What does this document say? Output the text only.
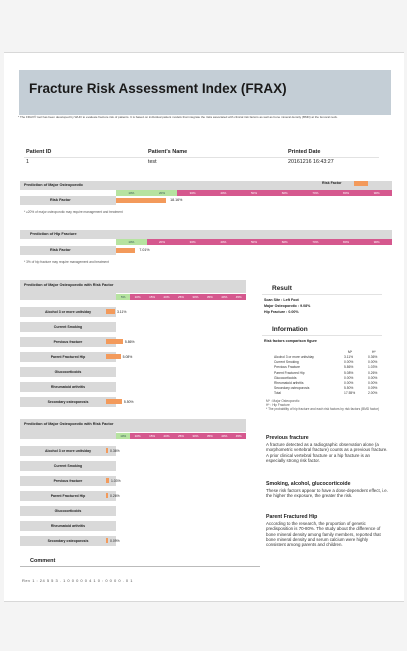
Fracture Risk Assessment Index (FRAX)
* The FRAX® tool has been developed by WHO to evaluate fracture risk of patients. It is based on individual patient models that integrate the risks associated with clinical risk factors as well as bone mineral density (BMD) at the femoral neck.
Patient ID
1
Patient's Name
test
Printed Date
20161216 16:43:27
Prediction of Major Osteoporotic	Risk Factor
10%	20%	30%	40%	50%	60%	70%	80%	90%
Risk Factor	18.16%
* ≥20% of major osteoporotic may require management and treatment
Prediction of Hip Fracture
10%	20%	30%	40%	50%	60%	70%	80%	90%
Risk Factor	7.01%
* 3% of hip fracture may require management and treatment
Prediction of Major Osteoporotic with Risk Factor
5%	10%	15%	20%	25%	30%	35%	40%	45%
Alcohol 3 or more units/day	3.11%
Current Smoking
Previous fracture	5.86%
Parent Fractured Hip	5.08%
Glucocorticoids
Rheumatoid arthritis
Secondary osteoporosis	5.50%
Prediction of Major Osteoporotic with Risk Factor
10%	10%	15%	20%	25%	30%	35%	40%	45%
Alcohol 3 or more units/day	0.36%
Current Smoking
Previous fracture	1.03%
Parent Fractured Hip	0.26%
Glucocorticoids
Rheumatoid arthritis
Secondary osteoporosis	0.09%
Result
Scan Site : Left Foot
Major Osteoporotic : 9.08%
Hip Fracture : 0.00%
Information
Risk factors comparison figure
M*	H*
Alcohol 3 or more units/day	3.11%	0.36%
Current Smoking	0.00%	0.00%
Previous Fracture	5.86%	1.03%
Parent Fractured Hip	5.08%	0.26%
Glucocorticoids	0.00%	0.00%
Rheumatoid arthritis	0.00%	0.00%
Secondary osteoporosis	5.50%	0.09%
Total	17.55%	2.00%
M* : Major Osteoporotic
H* : Hip Fracture
* The probability of hip fracture and each risk factors by risk factors (BMD factor)
Previous fracture
A fracture detected as a radiographic observation alone (a morphometric vertebral fracture) counts as a previous fracture. A prior clinical vertebral fracture or a hip fracture is an especially strong risk factor.
Smoking, alcohol, glucocorticoide
These risk factors appear to have a dose-dependent effect, i.e. the higher the exposure, the greater the risk.
Parent Fractured Hip
According to the research, the proportion of genetic predisposition is 70-80%. The study about the difference of bone mineral density among family members, reported that bone mineral density and serum calcium were highly consistent among parents and children.
Comment
Rev 1 : 24 5 5 3 . 1 0 0 0 0 0 4 1 0 : 0 0 0 0 . 0 1
